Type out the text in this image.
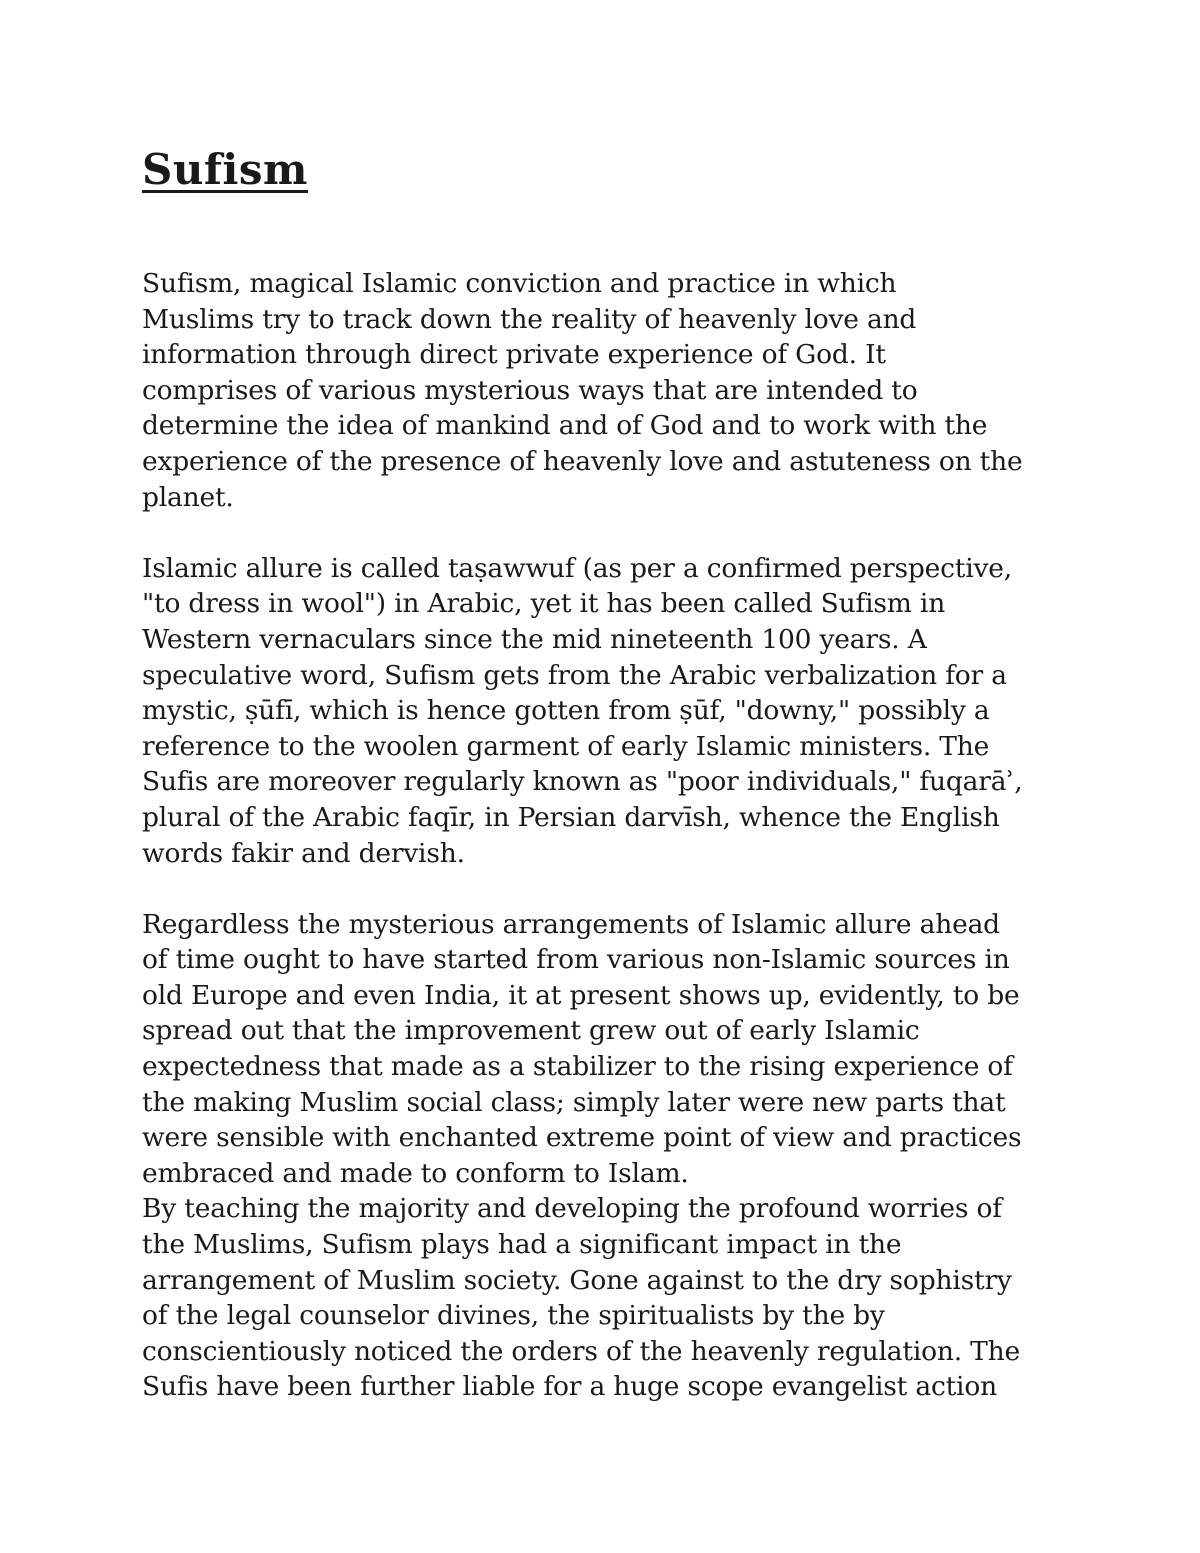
Sufism

Sufism, magical Islamic conviction and practice in which
Muslims try to track down the reality of heavenly love and
information through direct private experience of God. It
comprises of various mysterious ways that are intended to
determine the idea of mankind and of God and to work with the
experience of the presence of heavenly love and astuteness on the
planet.

Islamic allure is called taṣawwuf (as per a confirmed perspective,
"to dress in wool") in Arabic, yet it has been called Sufism in
Western vernaculars since the mid nineteenth 100 years. A
speculative word, Sufism gets from the Arabic verbalization for a
mystic, ṣūfī, which is hence gotten from ṣūf, "downy," possibly a
reference to the woolen garment of early Islamic ministers. The
Sufis are moreover regularly known as "poor individuals," fuqarāʾ,
plural of the Arabic faqīr, in Persian darvīsh, whence the English
words fakir and dervish.

Regardless the mysterious arrangements of Islamic allure ahead
of time ought to have started from various non-Islamic sources in
old Europe and even India, it at present shows up, evidently, to be
spread out that the improvement grew out of early Islamic
expectedness that made as a stabilizer to the rising experience of
the making Muslim social class; simply later were new parts that
were sensible with enchanted extreme point of view and practices
embraced and made to conform to Islam.

By teaching the majority and developing the profound worries of
the Muslims, Sufism plays had a significant impact in the
arrangement of Muslim society. Gone against to the dry sophistry
of the legal counselor divines, the spiritualists by the by
conscientiously noticed the orders of the heavenly regulation. The
Sufis have been further liable for a huge scope evangelist action
